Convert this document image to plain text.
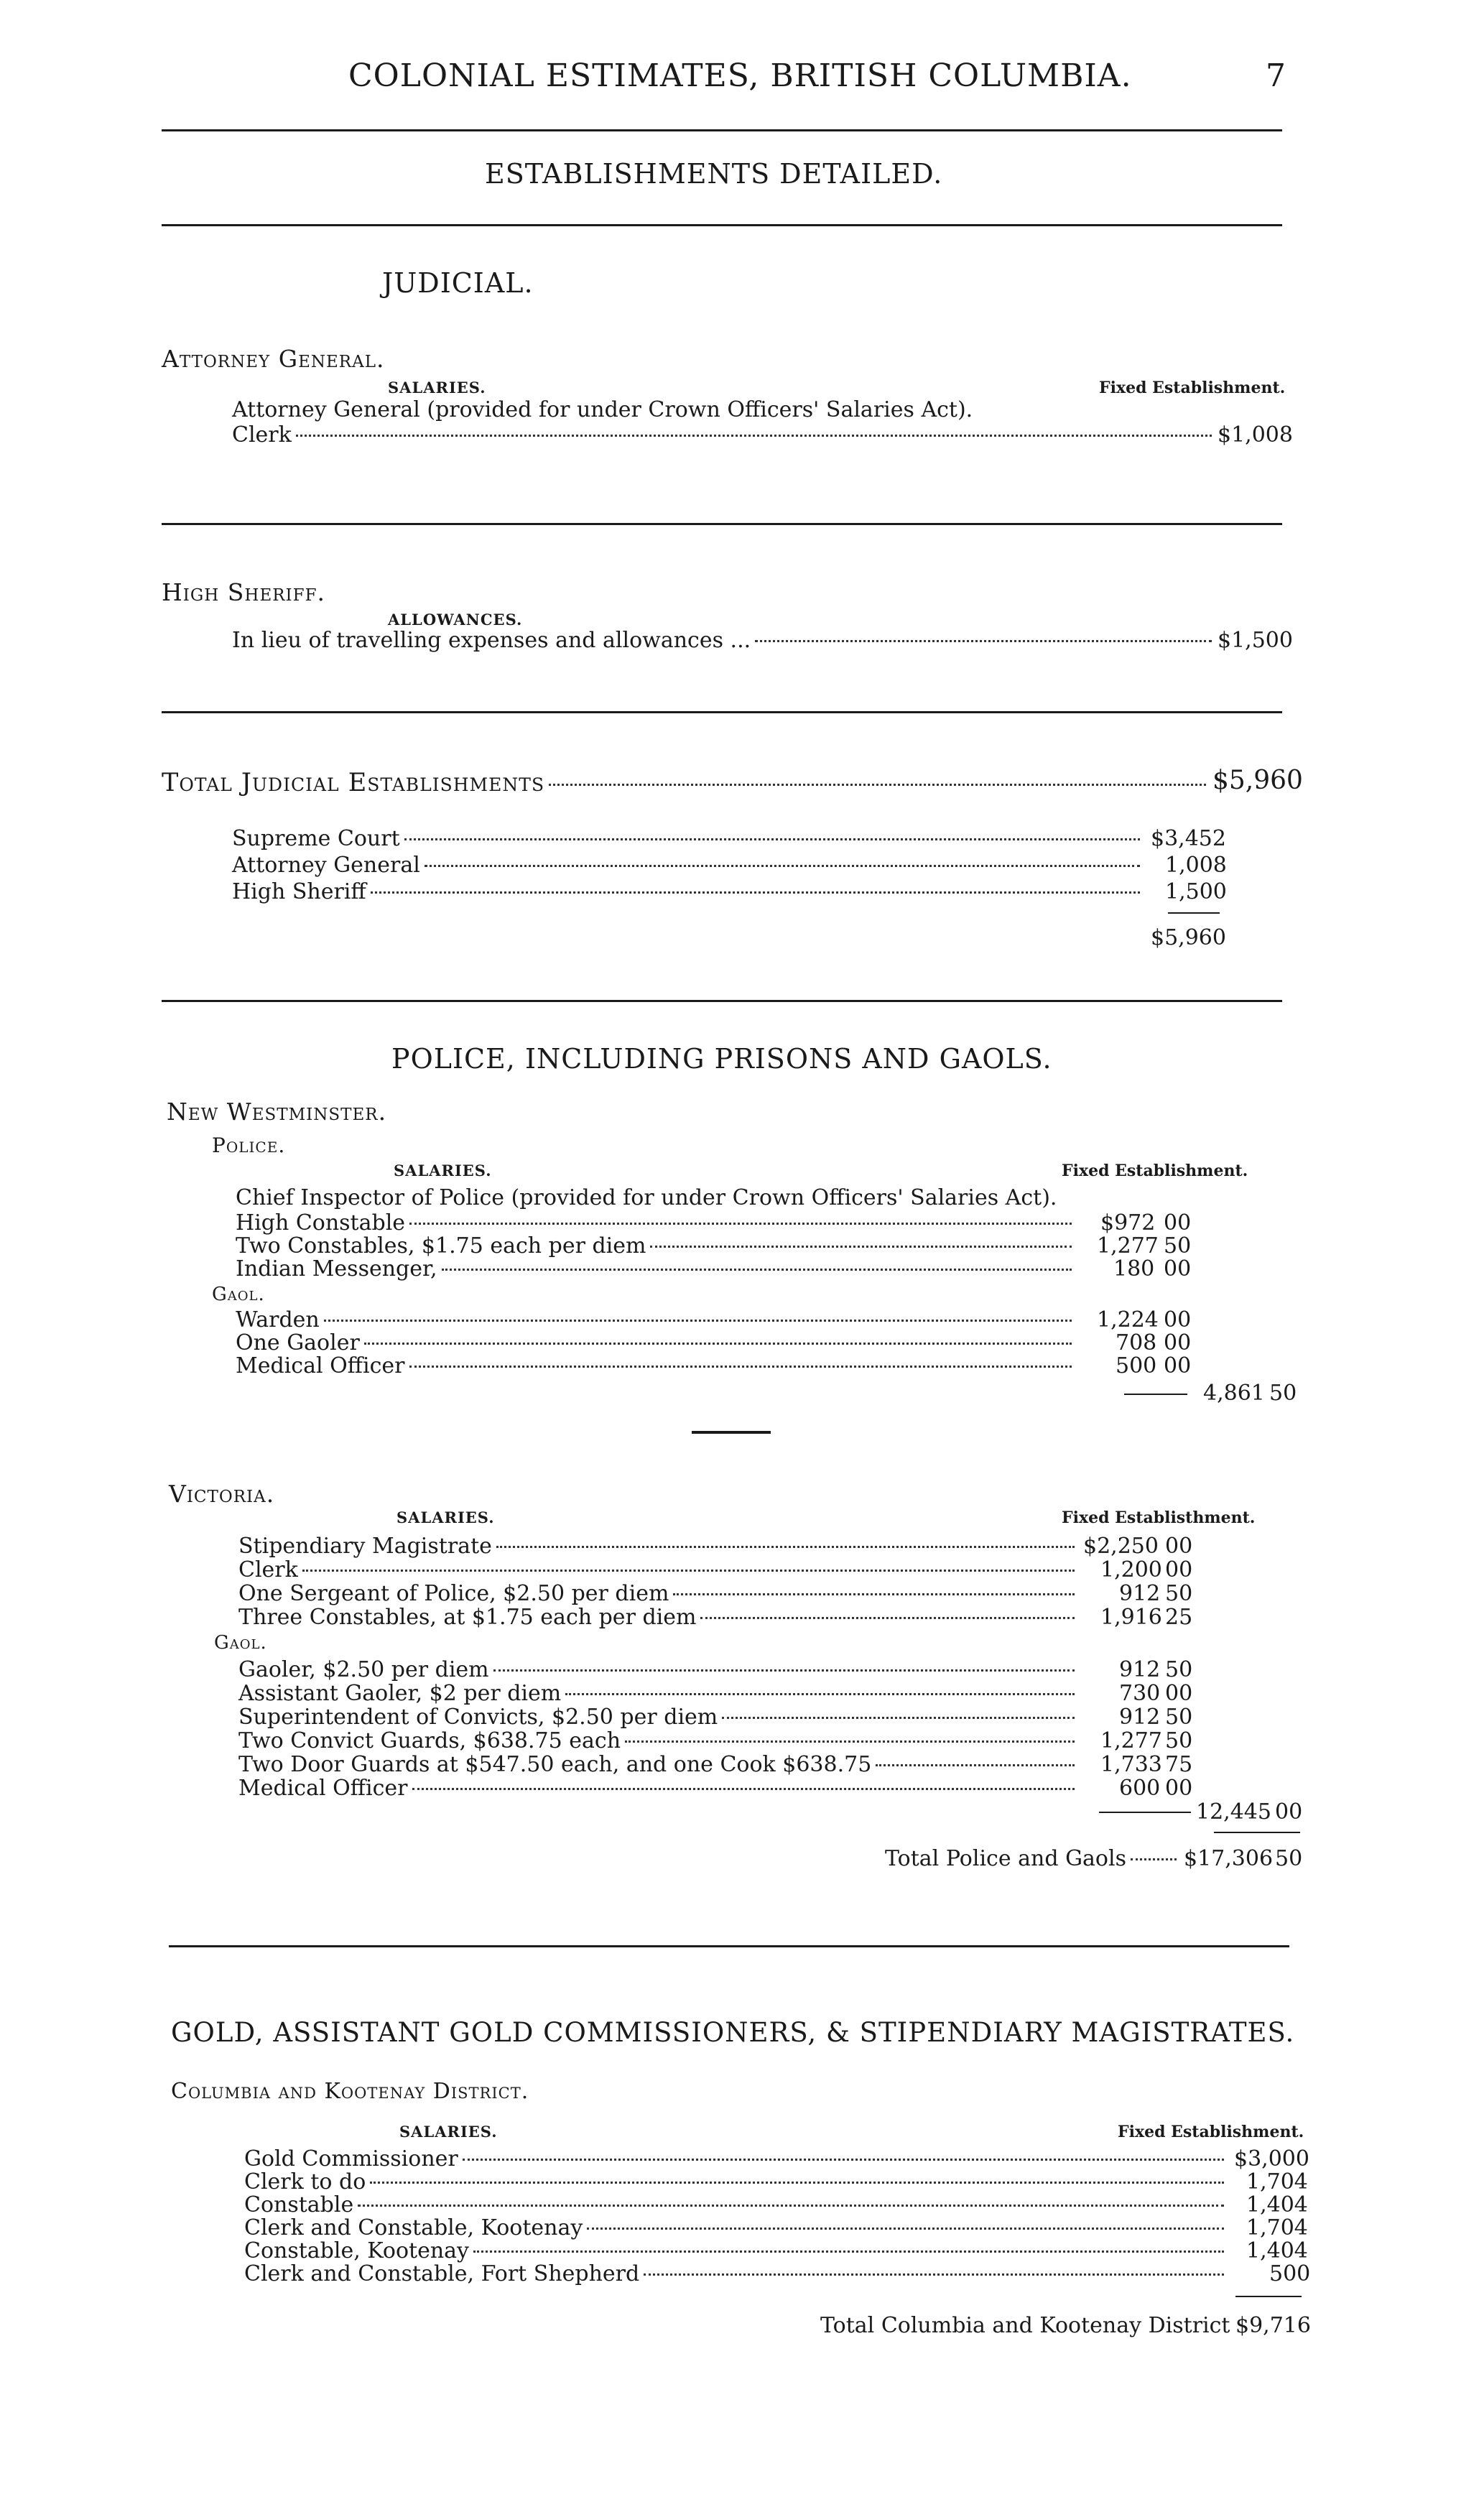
COLONIAL ESTIMATES, BRITISH COLUMBIA.	7
ESTABLISHMENTS DETAILED.
JUDICIAL.
Attorney General.
SALARIES.	Fixed Establishment.
Attorney General (provided for under Crown Officers' Salaries Act).
Clerk	$1,008
High Sheriff.
ALLOWANCES.
In lieu of travelling expenses and allowances ...	$1,500
Total Judicial Establishments	$5,960
Supreme Court	$3,452
Attorney General	1,008
High Sheriff	1,500
$5,960
POLICE, INCLUDING PRISONS AND GAOLS.
New Westminster.
Police.
SALARIES.	Fixed Establishment.
Chief Inspector of Police (provided for under Crown Officers' Salaries Act).
High Constable	$972 00
Two Constables, $1.75 each per diem	1,277 50
Indian Messenger,	180 00
Gaol.
Warden	1,224 00
One Gaoler	708 00
Medical Officer	500 00
4,861 50
Victoria.
SALARIES.	Fixed Establisthment.
Stipendiary Magistrate	$2,250 00
Clerk	1,200 00
One Sergeant of Police, $2.50 per diem	912 50
Three Constables, at $1.75 each per diem	1,916 25
Gaol.
Gaoler, $2.50 per diem	912 50
Assistant Gaoler, $2 per diem	730 00
Superintendent of Convicts, $2.50 per diem	912 50
Two Convict Guards, $638.75 each	1,277 50
Two Door Guards at $547.50 each, and one Cook $638.75	1,733 75
Medical Officer	600 00
12,445 00
Total Police and Gaols	$17,306 50
GOLD, ASSISTANT GOLD COMMISSIONERS, & STIPENDIARY MAGISTRATES.
Columbia and Kootenay District.
SALARIES.	Fixed Establishment.
Gold Commissioner	$3,000
Clerk to do	1,704
Constable	1,404
Clerk and Constable, Kootenay	1,704
Constable, Kootenay	1,404
Clerk and Constable, Fort Shepherd	500
Total Columbia and Kootenay District $9,716
